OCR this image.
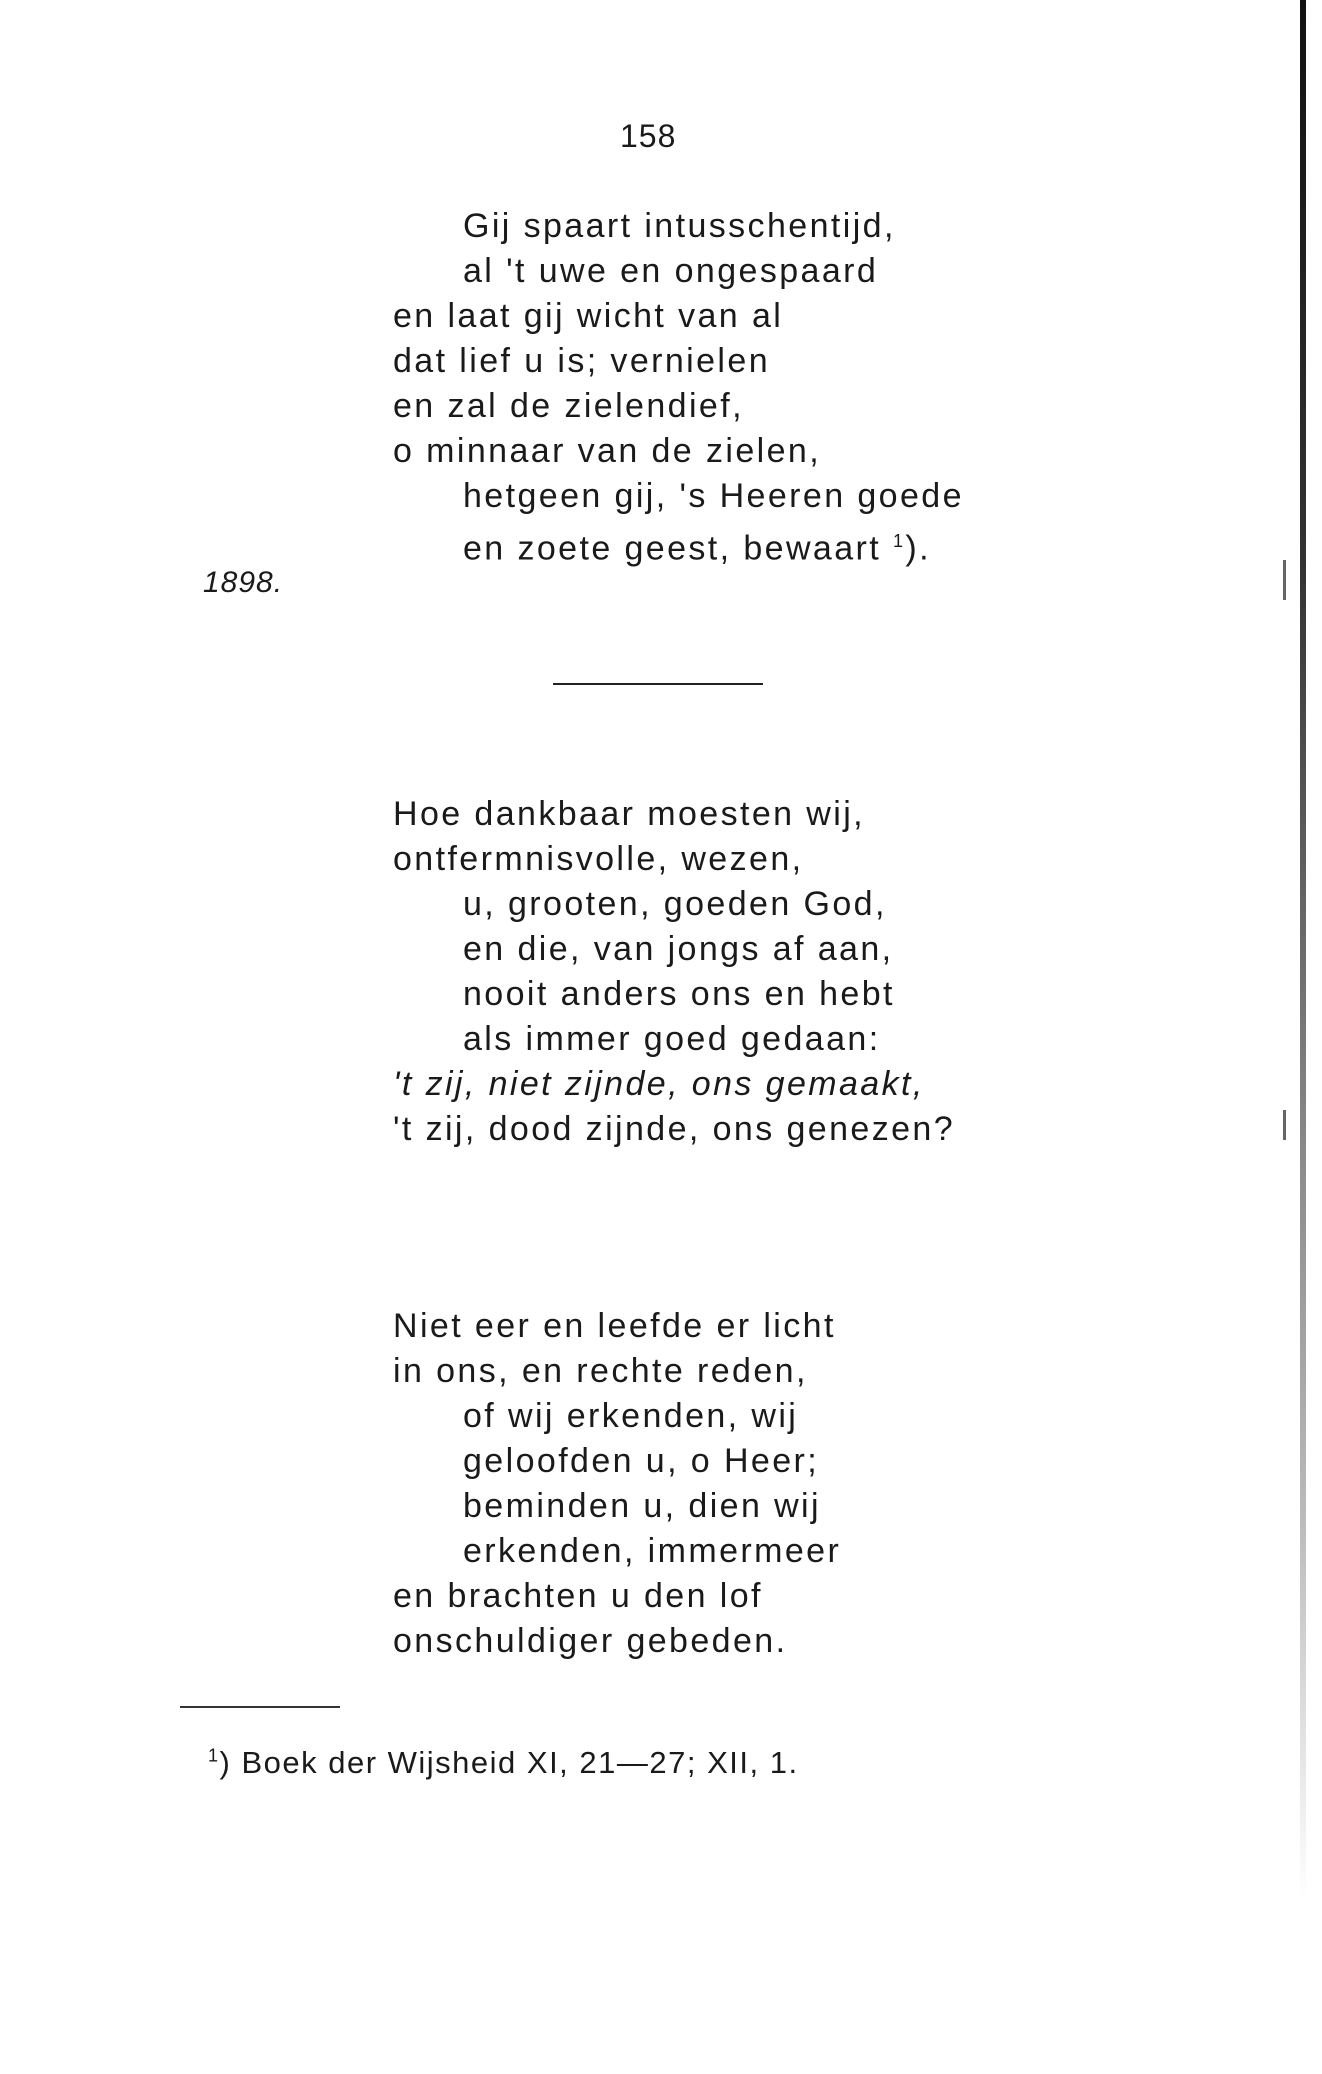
158
Gij spaart intusschentijd,
al 't uwe en ongespaard
en laat gij wicht van al
dat lief u is; vernielen
en zal de zielendief,
o minnaar van de zielen,
hetgeen gij, 's Heeren goede
en zoete geest, bewaart $^1$).
1898.
Hoe dankbaar moesten wij,
ontfermnisvolle, wezen,
u, grooten, goeden God,
en die, van jongs af aan,
nooit anders ons en hebt
als immer goed gedaan:
't zij, niet zijnde, ons gemaakt,
't zij, dood zijnde, ons genezen?
Niet eer en leefde er licht
in ons, en rechte reden,
of wij erkenden, wij
geloofden u, o Heer;
beminden u, dien wij
erkenden, immermeer
en brachten u den lof
onschuldiger gebeden.
$^1$) Boek der Wijsheid XI, 21—27; XII, 1.
